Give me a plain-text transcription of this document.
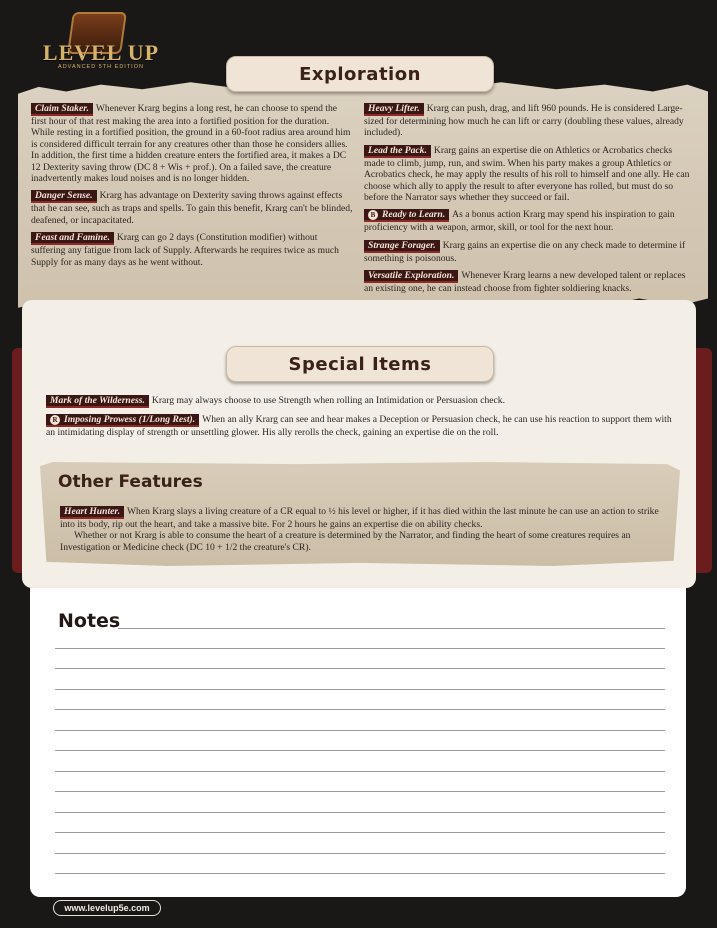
LEVEL UP
ADVANCED 5TH EDITION	Exploration

Claim Staker. Whenever Krarg begins a long rest, he can choose to spend the first hour of that rest making the area into a fortified position for the duration. While resting in a fortified position, the ground in a 60-foot radius area around him is considered difficult terrain for any creatures other than those he considers allies. In addition, the first time a hidden creature enters the fortified area, it makes a DC 12 Dexterity saving throw (DC 8 + Wis + prof.). On a failed save, the creature inadvertently makes loud noises and is no longer hidden.

Danger Sense. Krarg has advantage on Dexterity saving throws against effects that he can see, such as traps and spells. To gain this benefit, Krarg can't be blinded, deafened, or incapacitated.

Feast and Famine. Krarg can go 2 days (Constitution modifier) without suffering any fatigue from lack of Supply. Afterwards he requires twice as much Supply for as many days as he went without.

Heavy Lifter. Krarg can push, drag, and lift 960 pounds. He is considered Large-sized for determining how much he can lift or carry (doubling these values, already included).

Lead the Pack. Krarg gains an expertise die on Athletics or Acrobatics checks made to climb, jump, run, and swim. When his party makes a group Athletics or Acrobatics check, he may apply the results of his roll to himself and one ally. He can choose which ally to apply the result to after everyone has rolled, but must do so before the Narrator says whether they succeed or fail.

B Ready to Learn. As a bonus action Krarg may spend his inspiration to gain proficiency with a weapon, armor, skill, or tool for the next hour.

Strange Forager. Krarg gains an expertise die on any check made to determine if something is poisonous.

Versatile Exploration. Whenever Krarg learns a new developed talent or replaces an existing one, he can instead choose from fighter soldiering knacks.

Special Items

Mark of the Wilderness. Krarg may always choose to use Strength when rolling an Intimidation or Persuasion check.

R Imposing Prowess (1/Long Rest). When an ally Krarg can see and hear makes a Deception or Persuasion check, he can use his reaction to support them with an intimidating display of strength or unsettling glower. His ally rerolls the check, gaining an expertise die on the roll.

Other Features

Heart Hunter. When Krarg slays a living creature of a CR equal to ½ his level or higher, if it has died within the last minute he can use an action to strike into its body, rip out the heart, and take a massive bite. For 2 hours he gains an expertise die on ability checks.

Whether or not Krarg is able to consume the heart of a creature is determined by the Narrator, and finding the heart of some creatures requires an Investigation or Medicine check (DC 10 + 1/2 the creature's CR).

Notes
www.levelup5e.com
